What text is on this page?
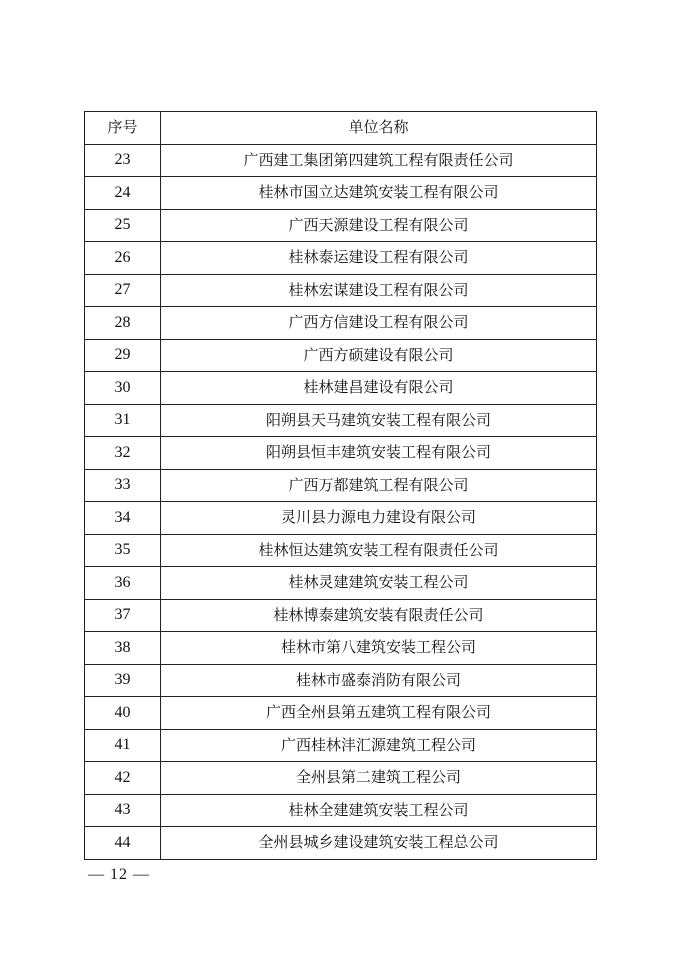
序号	单位名称
23	广西建工集团第四建筑工程有限责任公司
24	桂林市国立达建筑安装工程有限公司
25	广西天源建设工程有限公司
26	桂林泰运建设工程有限公司
27	桂林宏谋建设工程有限公司
28	广西方信建设工程有限公司
29	广西方硕建设有限公司
30	桂林建昌建设有限公司
31	阳朔县天马建筑安装工程有限公司
32	阳朔县恒丰建筑安装工程有限公司
33	广西万都建筑工程有限公司
34	灵川县力源电力建设有限公司
35	桂林恒达建筑安装工程有限责任公司
36	桂林灵建建筑安装工程公司
37	桂林博泰建筑安装有限责任公司
38	桂林市第八建筑安装工程公司
39	桂林市盛泰消防有限公司
40	广西全州县第五建筑工程有限公司
41	广西桂林沣汇源建筑工程公司
42	全州县第二建筑工程公司
43	桂林全建建筑安装工程公司
44	全州县城乡建设建筑安装工程总公司
— 12 —
